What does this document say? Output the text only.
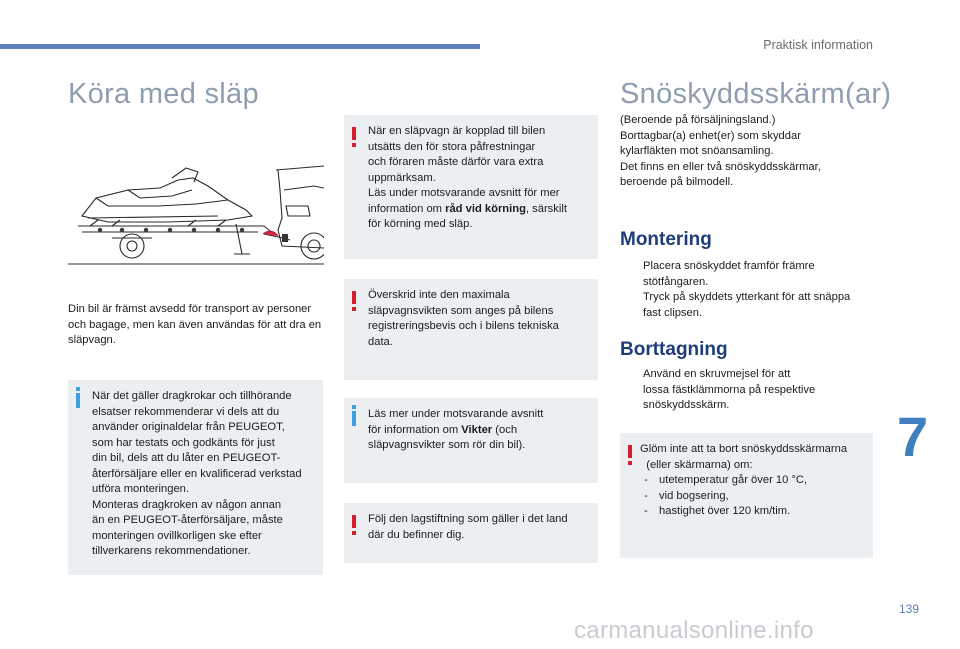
Praktisk information
Köra med släp

Din bil är främst avsedd för transport av personer och bagage, men kan även användas för att dra en släpvagn.

När det gäller dragkrokar och tillhörande
elsatser rekommenderar vi dels att du
använder originaldelar från PEUGEOT,
som har testats och godkänts för just
din bil, dels att du låter en PEUGEOT-
återförsäljare eller en kvalificerad verkstad
utföra monteringen.
Monteras dragkroken av någon annan
än en PEUGEOT-återförsäljare, måste
monteringen ovillkorligen ske efter
tillverkarens rekommendationer.

När en släpvagn är kopplad till bilen
utsätts den för stora påfrestningar
och föraren måste därför vara extra
uppmärksam.
Läs under motsvarande avsnitt för mer
information om råd vid körning, särskilt
för körning med släp.

Överskrid inte den maximala
släpvagnsvikten som anges på bilens
registreringsbevis och i bilens tekniska
data.

Läs mer under motsvarande avsnitt
för information om Vikter (och
släpvagnsvikter som rör din bil).

Följ den lagstiftning som gäller i det land
där du befinner dig.

Snöskyddsskärm(ar)

(Beroende på försäljningsland.)
Borttagbar(a) enhet(er) som skyddar
kylarfläkten mot snöansamling.
Det finns en eller två snöskyddsskärmar,
beroende på bilmodell.

Montering
Placera snöskyddet framför främre
stötfångaren.
Tryck på skyddets ytterkant för att snäppa
fast clipsen.
Borttagning
Använd en skruvmejsel för att
lossa fästklämmorna på respektive
snöskyddsskärm.

Glöm inte att ta bort snöskyddsskärmarna
(eller skärmarna) om:

- utetemperatur går över 10 °C,

- vid bogsering,

- hastighet över 120 km/tim.

7
139
carmanualsonline.info
